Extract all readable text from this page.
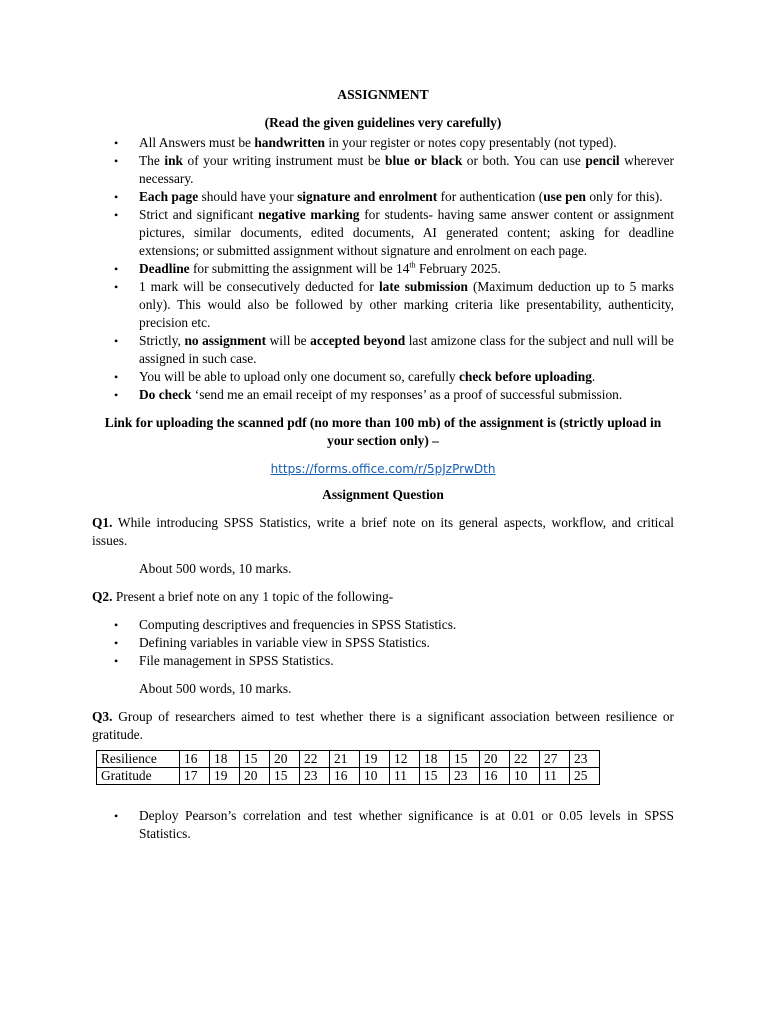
ASSIGNMENT
(Read the given guidelines very carefully)
• All Answers must be handwritten in your register or notes copy presentably (not typed).
• The ink of your writing instrument must be blue or black or both. You can use pencil wherever necessary.
• Each page should have your signature and enrolment for authentication (use pen only for this).
• Strict and significant negative marking for students- having same answer content or assignment pictures, similar documents, edited documents, AI generated content; asking for deadline extensions; or submitted assignment without signature and enrolment on each page.
• Deadline for submitting the assignment will be 14th February 2025.
• 1 mark will be consecutively deducted for late submission (Maximum deduction up to 5 marks only). This would also be followed by other marking criteria like presentability, authenticity, precision etc.
• Strictly, no assignment will be accepted beyond last amizone class for the subject and null will be assigned in such case.
• You will be able to upload only one document so, carefully check before uploading.
• Do check ‘send me an email receipt of my responses’ as a proof of successful submission.
Link for uploading the scanned pdf (no more than 100 mb) of the assignment is (strictly upload in your section only) –
https://forms.office.com/r/5pJzPrwDth
Assignment Question

Q1. While introducing SPSS Statistics, write a brief note on its general aspects, workflow, and critical issues.

About 500 words, 10 marks.

Q2. Present a brief note on any 1 topic of the following-

• Computing descriptives and frequencies in SPSS Statistics.
• Defining variables in variable view in SPSS Statistics.
• File management in SPSS Statistics.

About 500 words, 10 marks.

Q3. Group of researchers aimed to test whether there is a significant association between resilience or gratitude.

Resilience	16	18	15	20	22	21	19	12	18	15	20	22	27	23
Gratitude	17	19	20	15	23	16	10	11	15	23	16	10	11	25
• Deploy Pearson’s correlation and test whether significance is at 0.01 or 0.05 levels in SPSS Statistics.
